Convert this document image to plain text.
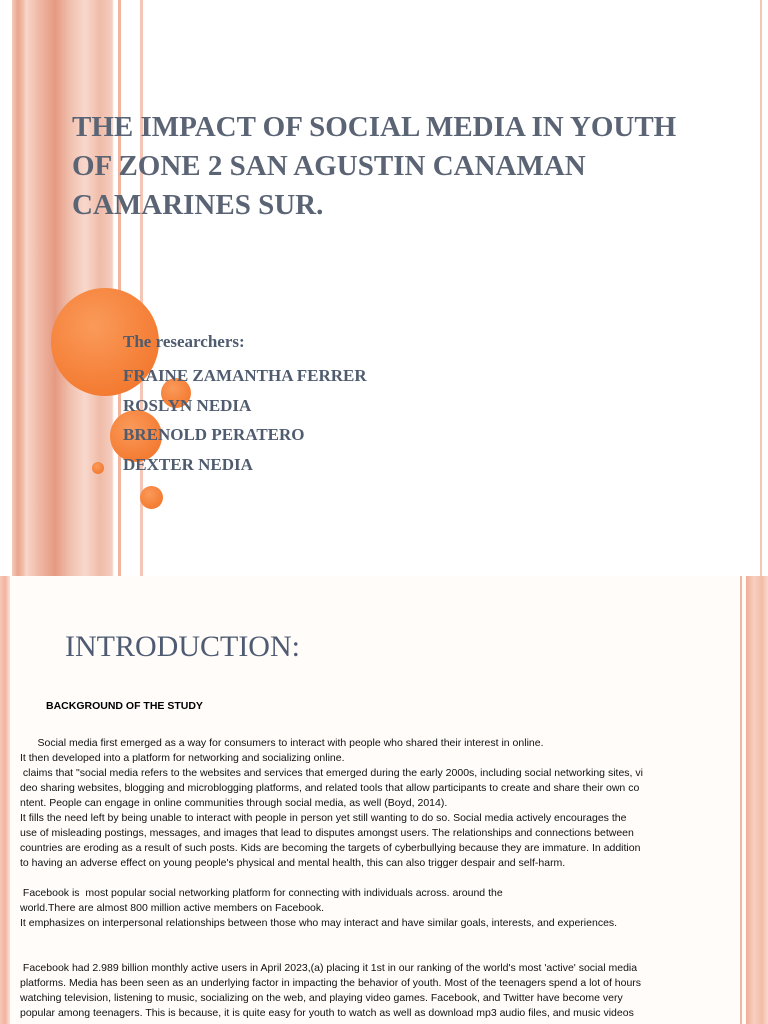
THE IMPACT OF SOCIAL MEDIA IN YOUTH OF ZONE 2 SAN AGUSTIN CANAMAN CAMARINES SUR.
The researchers:
FRAINE ZAMANTHA FERRER
ROSLYN NEDIA
BRENOLD PERATERO
DEXTER NEDIA
INTRODUCTION:
BACKGROUND OF THE STUDY

Social media first emerged as a way for consumers to interact with people who shared their interest in online.

It then developed into a platform for networking and socializing online.

claims that "social media refers to the websites and services that emerged during the early 2000s, including social networking sites, vi

deo sharing websites, blogging and microblogging platforms, and related tools that allow participants to create and share their own co

ntent. People can engage in online communities through social media, as well (Boyd, 2014).

It fills the need left by being unable to interact with people in person yet still wanting to do so. Social media actively encourages the

use of misleading postings, messages, and images that lead to disputes amongst users. The relationships and connections between

countries are eroding as a result of such posts. Kids are becoming the targets of cyberbullying because they are immature. In addition

to having an adverse effect on young people's physical and mental health, this can also trigger despair and self-harm.

Facebook is  most popular social networking platform for connecting with individuals across. around the

world.There are almost 800 million active members on Facebook.

It emphasizes on interpersonal relationships between those who may interact and have similar goals, interests, and experiences.

Facebook had 2.989 billion monthly active users in April 2023,(a) placing it 1st in our ranking of the world's most 'active' social media

platforms. Media has been seen as an underlying factor in impacting the behavior of youth. Most of the teenagers spend a lot of hours

watching television, listening to music, socializing on the web, and playing video games. Facebook, and Twitter have become very

popular among teenagers. This is because, it is quite easy for youth to watch as well as download mp3 audio files, and music videos
